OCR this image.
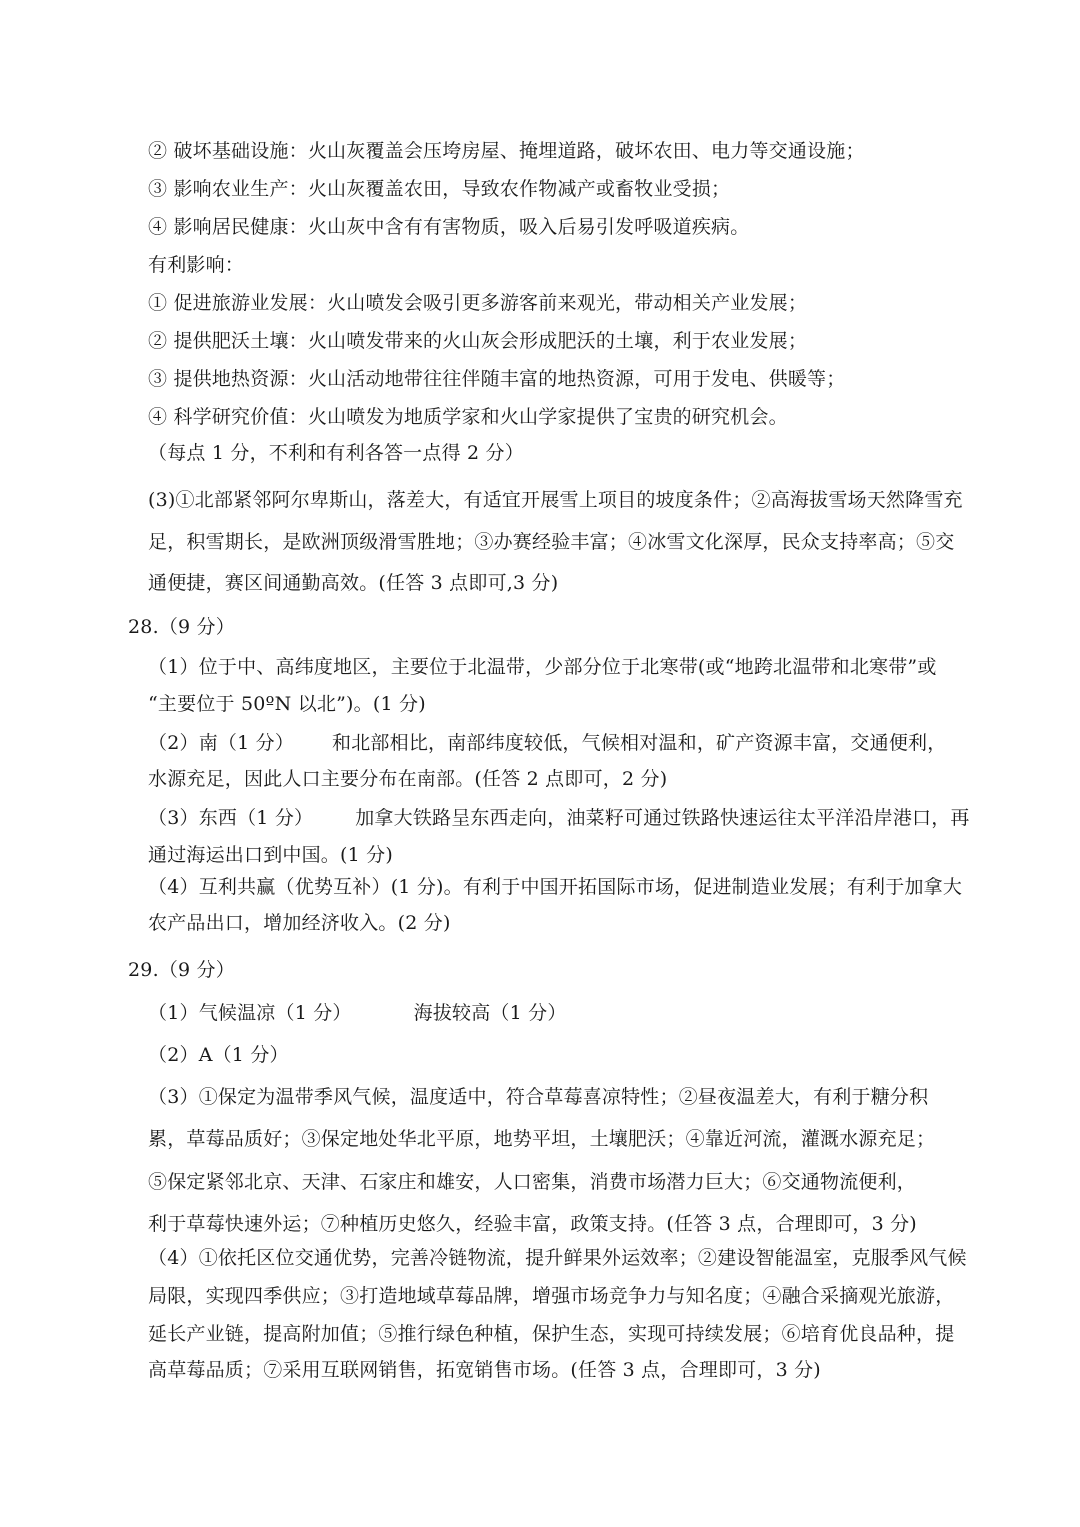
② 破坏基础设施：火山灰覆盖会压垮房屋、掩埋道路，破坏农田、电力等交通设施；
③ 影响农业生产：火山灰覆盖农田，导致农作物减产或畜牧业受损；
④ 影响居民健康：火山灰中含有有害物质，吸入后易引发呼吸道疾病。
有利影响：
① 促进旅游业发展：火山喷发会吸引更多游客前来观光，带动相关产业发展；
② 提供肥沃土壤：火山喷发带来的火山灰会形成肥沃的土壤，利于农业发展；
③ 提供地热资源：火山活动地带往往伴随丰富的地热资源，可用于发电、供暖等；
④ 科学研究价值：火山喷发为地质学家和火山学家提供了宝贵的研究机会。
（每点 1 分，不利和有利各答一点得 2 分）
(3)①北部紧邻阿尔卑斯山，落差大，有适宜开展雪上项目的坡度条件；②高海拔雪场天然降雪充
足，积雪期长，是欧洲顶级滑雪胜地；③办赛经验丰富；④冰雪文化深厚，民众支持率高；⑤交
通便捷，赛区间通勤高效。(任答 3 点即可,3 分)
28.（9 分）
（1）位于中、高纬度地区，主要位于北温带，少部分位于北寒带(或“地跨北温带和北寒带”或
“主要位于 50ºN 以北”)。(1 分)
（2）南（1 分） 和北部相比，南部纬度较低，气候相对温和，矿产资源丰富，交通便利，
水源充足，因此人口主要分布在南部。(任答 2 点即可，2 分)
（3）东西（1 分） 加拿大铁路呈东西走向，油菜籽可通过铁路快速运往太平洋沿岸港口，再
通过海运出口到中国。(1 分)
（4）互利共赢（优势互补）(1 分)。有利于中国开拓国际市场，促进制造业发展；有利于加拿大
农产品出口，增加经济收入。(2 分)
29.（9 分）
（1）气候温凉（1 分）	海拔较高（1 分）
（2）A（1 分）
（3）①保定为温带季风气候，温度适中，符合草莓喜凉特性；②昼夜温差大，有利于糖分积
累，草莓品质好；③保定地处华北平原，地势平坦，土壤肥沃；④靠近河流，灌溉水源充足；
⑤保定紧邻北京、天津、石家庄和雄安，人口密集，消费市场潜力巨大；⑥交通物流便利，
利于草莓快速外运；⑦种植历史悠久，经验丰富，政策支持。(任答 3 点，合理即可，3 分)
（4）①依托区位交通优势，完善冷链物流，提升鲜果外运效率；②建设智能温室，克服季风气候
局限，实现四季供应；③打造地域草莓品牌，增强市场竞争力与知名度；④融合采摘观光旅游，
延长产业链，提高附加值；⑤推行绿色种植，保护生态，实现可持续发展；⑥培育优良品种，提
高草莓品质；⑦采用互联网销售，拓宽销售市场。(任答 3 点，合理即可，3 分)
